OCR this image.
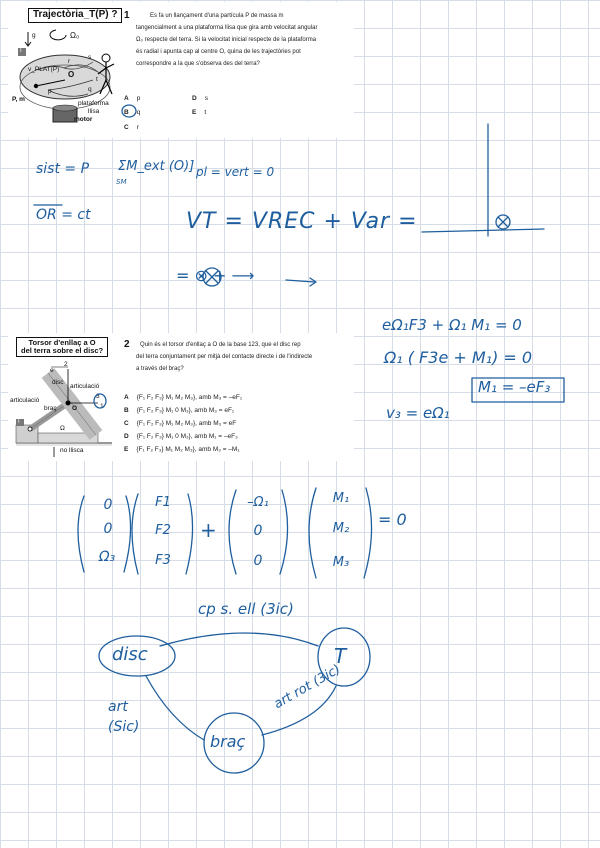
Trajectòria_T(P) ?
g	Ω₀
T
v_PLAT(P)
O
P, m
plataforma
llisa
motor
p	q
r
s
t
1	Es fa un llançament d'una partícula P de massa m
tangencialment a una plataforma llisa que gira amb velocitat angular
Ω₀ respecte del terra. Si la velocitat inicial respecte de la plataforma
és radial i apunta cap al centre O, quina de les trajectòries pot
correspondre a la que s'observa des del terra?
A p	D s
B q	E t
C r
Torsor d'enllaç a O
del terra sobre el disc?
e
2
disc
articulació
articulació
braç O	1
3
T
Ω
no llisca
2	Quin és el torsor d'enllaç a O de la base 123, que el disc rep
del terra conjuntament per mitjà del contacte directe i de l'indirecte
a través del braç?
A {F₁ F₂ F₃} M₁ M₂ M₃}, amb M₃ = –eF₁
B {F₁ F₂ F₃} M₁ 0 M₃}, amb M₃ = eF₁
C {F₁ F₂ F₃} M₁ M₂ M₃}, amb M₃ = eF
D {F₁ F₂ F₃} M₁ 0 M₃}, amb M₁ = –eF₃
E {F₁ F₂ F₃} M₁ M₂ M₃}, amb M₃ = –M₁
sist = P ΣM_ext (O)]
SM
pl = vert = 0
OR = ct	VT = VREC + Var =
= ⊗ + ⟶
eΩ₁F3 + Ω₁ M₁ = 0
Ω₁ ( F3e + M₁) = 0
M₁ = –eF₃
v₃ = eΩ₁
0
0
Ω₃
F1
F2
F3
+
–Ω₁
0
0
M₁
M₂
M₃
= 0
disc	T
braç
cp s. ell (3ic)
art
(Sic)
art rot (3ic)
